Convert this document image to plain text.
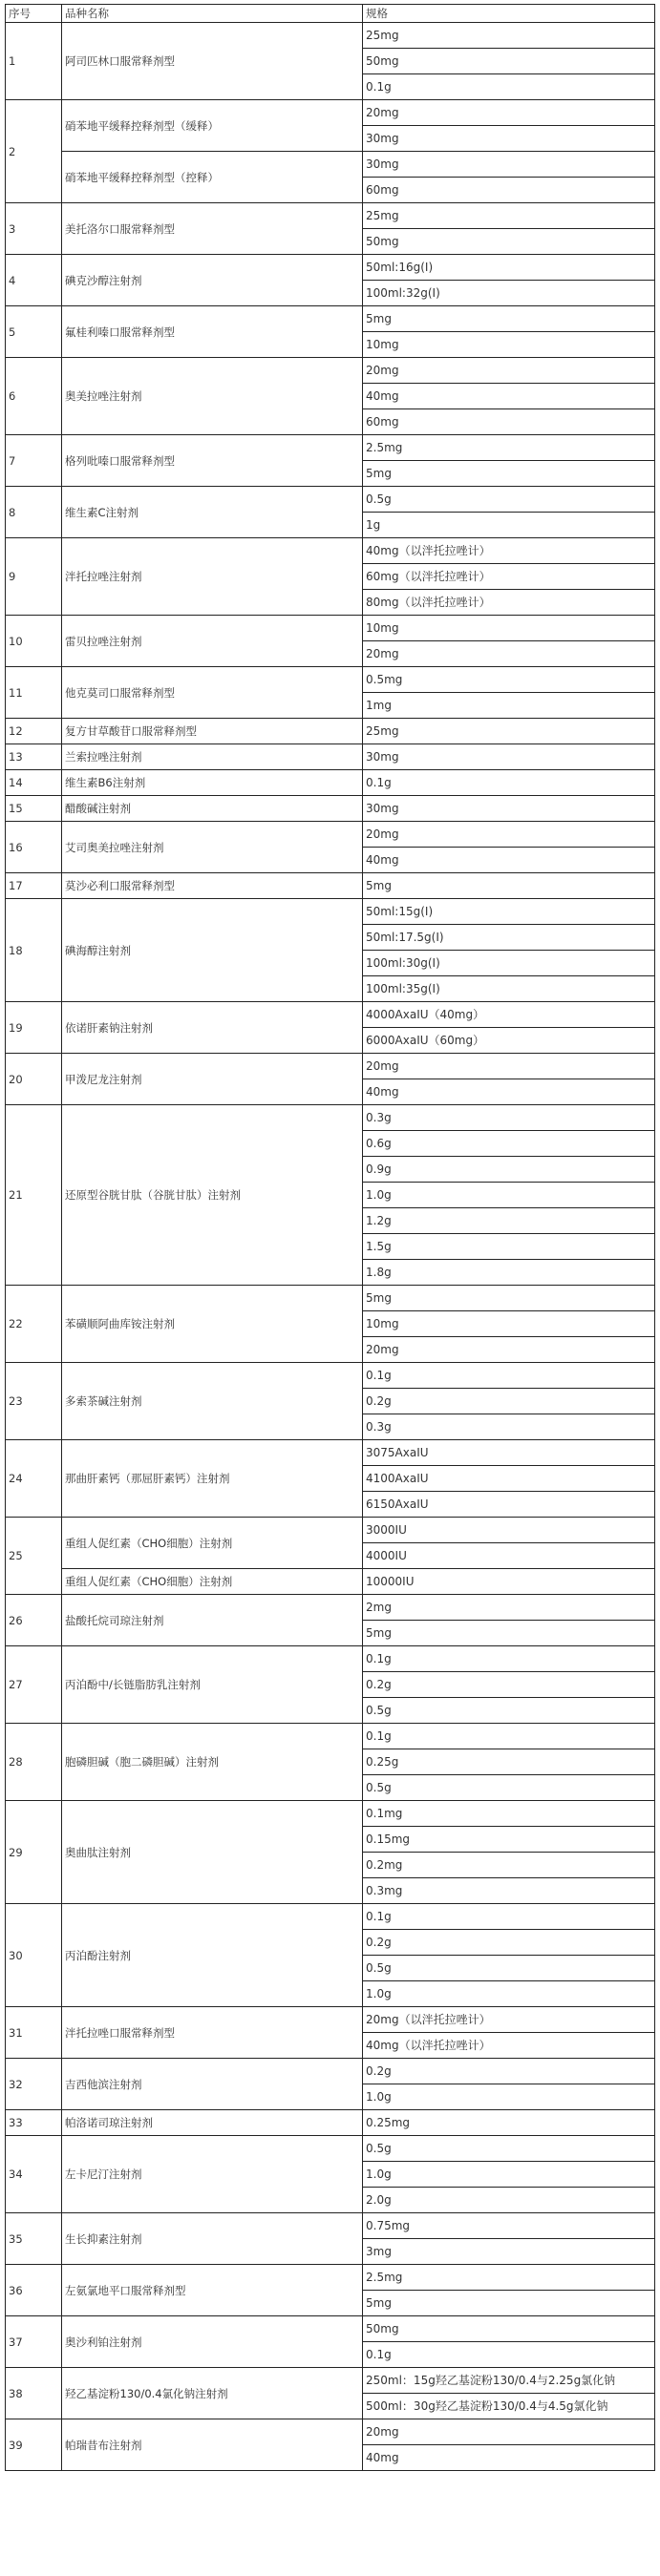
序号	品种名称	规格
1	阿司匹林口服常释剂型	25mg
		50mg
		0.1g
2	硝苯地平缓释控释剂型（缓释）	20mg
		30mg
	硝苯地平缓释控释剂型（控释）	30mg
		60mg
3	美托洛尔口服常释剂型	25mg
		50mg
4	碘克沙醇注射剂	50ml:16g(I)
		100ml:32g(I)
5	氟桂利嗪口服常释剂型	5mg
		10mg
6	奥美拉唑注射剂	20mg
		40mg
		60mg
7	格列吡嗪口服常释剂型	2.5mg
		5mg
8	维生素C注射剂	0.5g
		1g
9	泮托拉唑注射剂	40mg（以泮托拉唑计）
		60mg（以泮托拉唑计）
		80mg（以泮托拉唑计）
10	雷贝拉唑注射剂	10mg
		20mg
11	他克莫司口服常释剂型	0.5mg
		1mg
12	复方甘草酸苷口服常释剂型	25mg
13	兰索拉唑注射剂	30mg
14	维生素B6注射剂	0.1g
15	醋酸碱注射剂	30mg
16	艾司奥美拉唑注射剂	20mg
		40mg
17	莫沙必利口服常释剂型	5mg
18	碘海醇注射剂	50ml:15g(I)
		50ml:17.5g(I)
		100ml:30g(I)
		100ml:35g(I)
19	依诺肝素钠注射剂	4000AxaIU（40mg）
		6000AxaIU（60mg）
20	甲泼尼龙注射剂	20mg
		40mg
21	还原型谷胱甘肽（谷胱甘肽）注射剂	0.3g
		0.6g
		0.9g
		1.0g
		1.2g
		1.5g
		1.8g
22	苯磺顺阿曲库铵注射剂	5mg
		10mg
		20mg
23	多索茶碱注射剂	0.1g
		0.2g
		0.3g
24	那曲肝素钙（那屈肝素钙）注射剂	3075AxaIU
		4100AxaIU
		6150AxaIU
25	重组人促红素（CHO细胞）注射剂	3000IU
		4000IU
	重组人促红素（CHO细胞）注射剂	10000IU
26	盐酸托烷司琼注射剂	2mg
		5mg
27	丙泊酚中/长链脂肪乳注射剂	0.1g
		0.2g
		0.5g
28	胞磷胆碱（胞二磷胆碱）注射剂	0.1g
		0.25g
		0.5g
29	奥曲肽注射剂	0.1mg
		0.15mg
		0.2mg
		0.3mg
30	丙泊酚注射剂	0.1g
		0.2g
		0.5g
		1.0g
31	泮托拉唑口服常释剂型	20mg（以泮托拉唑计）
		40mg（以泮托拉唑计）
32	吉西他滨注射剂	0.2g
		1.0g
33	帕洛诺司琼注射剂	0.25mg
34	左卡尼汀注射剂	0.5g
		1.0g
		2.0g
35	生长抑素注射剂	0.75mg
		3mg
36	左氨氯地平口服常释剂型	2.5mg
		5mg
37	奥沙利铂注射剂	50mg
		0.1g
38	羟乙基淀粉130/0.4氯化钠注射剂	250ml：15g羟乙基淀粉130/0.4与2.25g氯化钠
		500ml：30g羟乙基淀粉130/0.4与4.5g氯化钠
39	帕瑞昔布注射剂	20mg
		40mg
